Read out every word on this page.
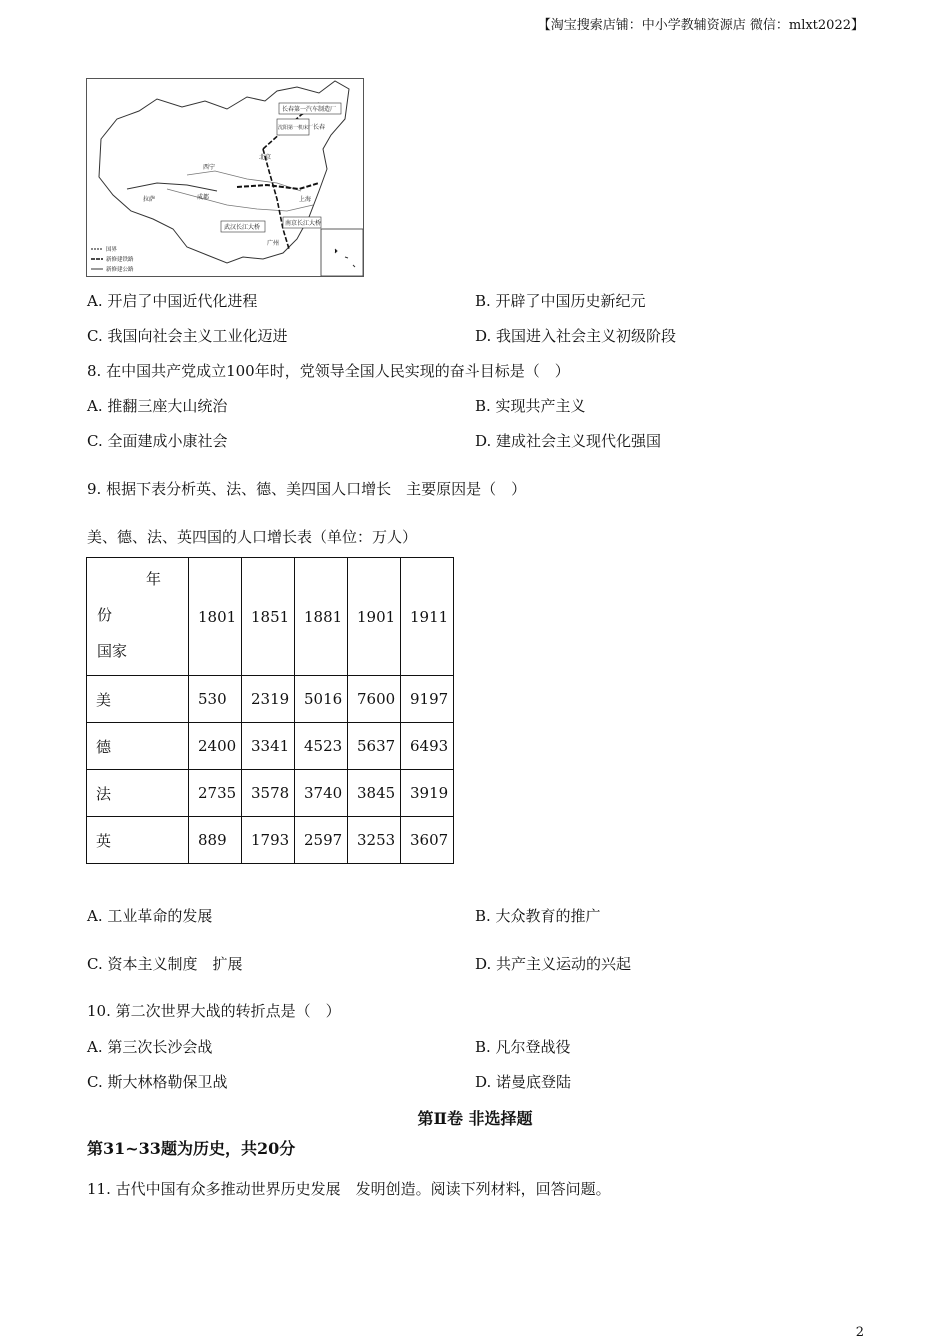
【淘宝搜索店铺：中小学教辅资源店 微信：mlxt2022】
长春第一汽车制造厂
沈阳第一机床厂
南京长江大桥
武汉长江大桥
北京
长春
西宁
拉萨	成都
广州
上海
国界
新修建铁路
新修建公路
A. 开启了中国近代化进程	B. 开辟了中国历史新纪元
C. 我国向社会主义工业化迈进	D. 我国进入社会主义初级阶段
8. 在中国共产党成立100年时，党领导全国人民实现的奋斗目标是（　）
A. 推翻三座大山统治	B. 实现共产主义
C. 全面建成小康社会	D. 建成社会主义现代化强国
9. 根据下表分析英、法、德、美四国人口增长　主要原因是（　）
美、德、法、英四国的人口增长表（单位：万人）
年
份
国家	1801	1851	1881	1901	1911
美	530	2319	5016	7600	9197
德	2400	3341	4523	5637	6493
法	2735	3578	3740	3845	3919
英	889	1793	2597	3253	3607
A. 工业革命的发展	B. 大众教育的推广
C. 资本主义制度　扩展	D. 共产主义运动的兴起
10. 第二次世界大战的转折点是（　）
A. 第三次长沙会战	B. 凡尔登战役
C. 斯大林格勒保卫战	D. 诺曼底登陆
第Ⅱ卷 非选择题
第31~33题为历史，共20分
11. 古代中国有众多推动世界历史发展　发明创造。阅读下列材料，回答问题。
2
